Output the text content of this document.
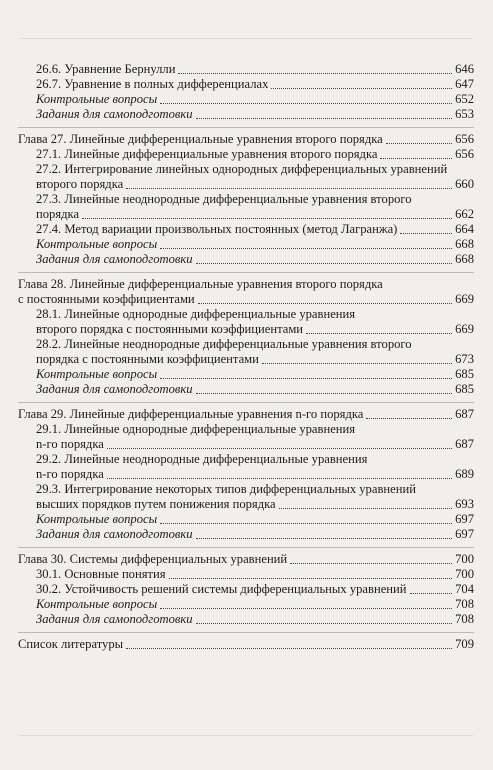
26.6. Уравнение Бернулли	646
26.7. Уравнение в полных дифференциалах	647
Контрольные вопросы	652
Задания для самоподготовки	653
Глава 27. Линейные дифференциальные уравнения второго порядка	656
27.1. Линейные дифференциальные уравнения второго порядка	656
27.2. Интегрирование линейных однородных дифференциальных уравнений
второго порядка	660
27.3. Линейные неоднородные дифференциальные уравнения второго
порядка	662
27.4. Метод вариации произвольных постоянных (метод Лагранжа)	664
Контрольные вопросы	668
Задания для самоподготовки	668
Глава 28. Линейные дифференциальные уравнения второго порядка
с постоянными коэффициентами	669
28.1. Линейные однородные дифференциальные уравнения
второго порядка с постоянными коэффициентами	669
28.2. Линейные неоднородные дифференциальные уравнения второго
порядка с постоянными коэффициентами	673
Контрольные вопросы	685
Задания для самоподготовки	685
Глава 29. Линейные дифференциальные уравнения n-го порядка	687
29.1. Линейные однородные дифференциальные уравнения
n-го порядка	687
29.2. Линейные неоднородные дифференциальные уравнения
n-го порядка	689
29.3. Интегрирование некоторых типов дифференциальных уравнений
высших порядков путем понижения порядка	693
Контрольные вопросы	697
Задания для самоподготовки	697
Глава 30. Системы дифференциальных уравнений	700
30.1. Основные понятия	700
30.2. Устойчивость решений системы дифференциальных уравнений	704
Контрольные вопросы	708
Задания для самоподготовки	708
Список литературы	709
